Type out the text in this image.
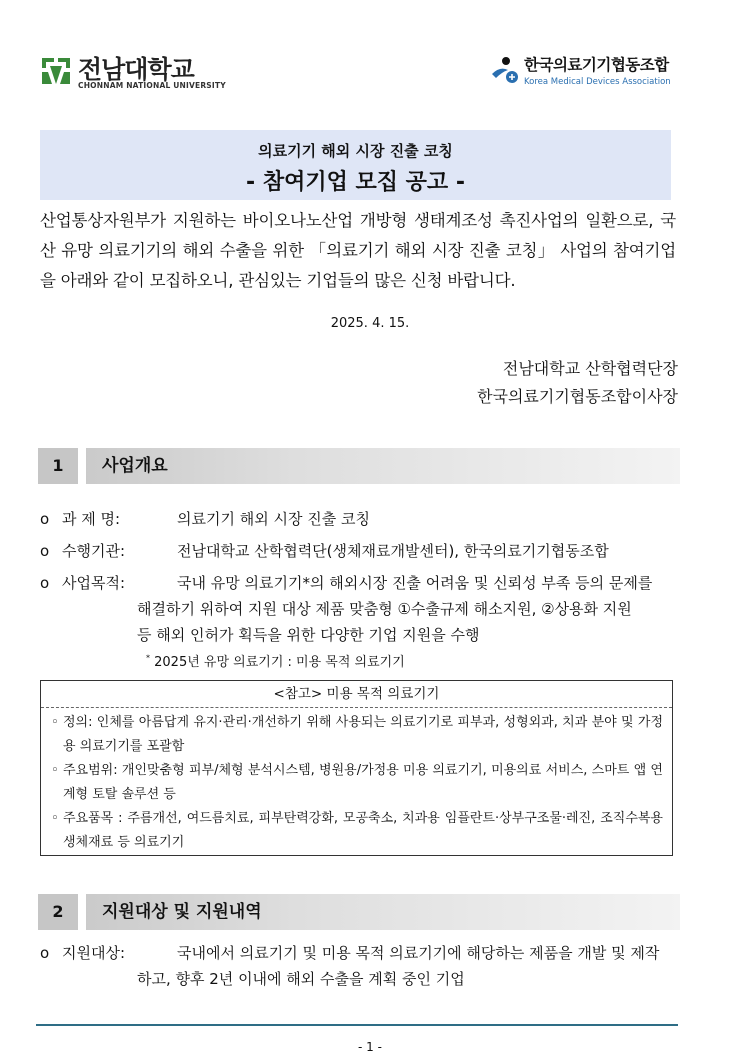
전남대학교
CHONNAM NATIONAL UNIVERSITY
한국의료기기협동조합
Korea Medical Devices Association
의료기기 해외 시장 진출 코칭
- 참여기업 모집 공고 -
산업통상자원부가 지원하는 바이오나노산업 개방형 생태계조성 촉진사업의 일환으로, 국산 유망 의료기기의 해외 수출을 위한 「의료기기 해외 시장 진출 코칭」 사업의 참여기업을 아래와 같이 모집하오니, 관심있는 기업들의 많은 신청 바랍니다.
2025. 4. 15.
전남대학교 산학협력단장
한국의료기기협동조합이사장
1	사업개요
o 과 제 명:	의료기기 해외 시장 진출 코칭
o 수행기관:	전남대학교 산학협력단(생체재료개발센터), 한국의료기기협동조합
o 사업목적:	국내 유망 의료기기*의 해외시장 진출 어려움 및 신뢰성 부족 등의 문제를
해결하기 위하여 지원 대상 제품 맞춤형 ①수출규제 해소지원, ②상용화 지원
등 해외 인허가 획득을 위한 다양한 기업 지원을 수행
* 2025년 유망 의료기기 : 미용 목적 의료기기
<참고> 미용 목적 의료기기
◦ 정의: 인체를 아름답게 유지·관리·개선하기 위해 사용되는 의료기기로 피부과, 성형외과, 치과 분야 및 가정용 의료기기를 포괄함
◦ 주요범위: 개인맞춤형 피부/체형 분석시스템, 병원용/가정용 미용 의료기기, 미용의료 서비스, 스마트 앱 연계형 토탈 솔루션 등
◦ 주요품목 : 주름개선, 여드름치료, 피부탄력강화, 모공축소, 치과용 임플란트·상부구조물·레진, 조직수복용생체재료 등 의료기기
2	지원대상 및 지원내역
o 지원대상:	국내에서 의료기기 및 미용 목적 의료기기에 해당하는 제품을 개발 및 제작
하고, 향후 2년 이내에 해외 수출을 계획 중인 기업
- 1 -
